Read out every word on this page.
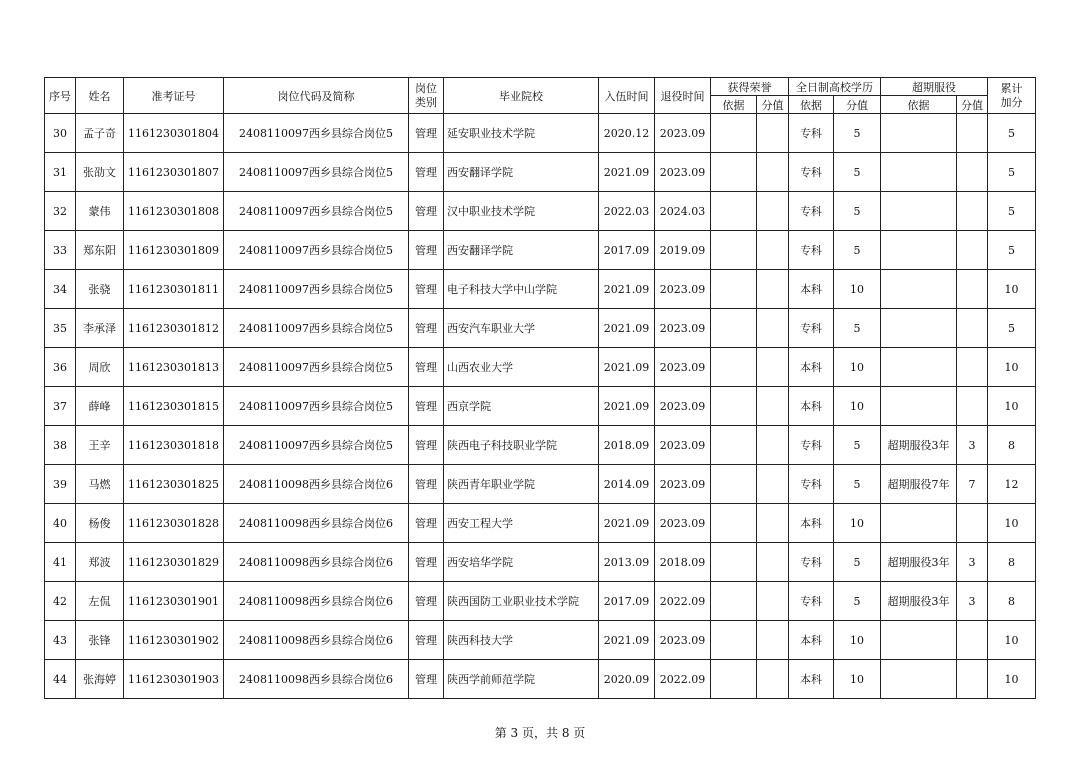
序号	姓名	准考证号	岗位代码及简称	岗位
类别	毕业院校	入伍时间	退役时间	获得荣誉		全日制高校学历		超期服役		累计
加分
								依据	分值	依据	分值	依据	分值	
30	孟子奇	1161230301804	2408110097西乡县综合岗位5	管理	延安职业技术学院	2020.12	2023.09			专科	5			5
31	张劭文	1161230301807	2408110097西乡县综合岗位5	管理	西安翻译学院	2021.09	2023.09			专科	5			5
32	蒙伟	1161230301808	2408110097西乡县综合岗位5	管理	汉中职业技术学院	2022.03	2024.03			专科	5			5
33	郑东阳	1161230301809	2408110097西乡县综合岗位5	管理	西安翻译学院	2017.09	2019.09			专科	5			5
34	张骁	1161230301811	2408110097西乡县综合岗位5	管理	电子科技大学中山学院	2021.09	2023.09			本科	10			10
35	李承泽	1161230301812	2408110097西乡县综合岗位5	管理	西安汽车职业大学	2021.09	2023.09			专科	5			5
36	周欣	1161230301813	2408110097西乡县综合岗位5	管理	山西农业大学	2021.09	2023.09			本科	10			10
37	薛峰	1161230301815	2408110097西乡县综合岗位5	管理	西京学院	2021.09	2023.09			本科	10			10
38	王辛	1161230301818	2408110097西乡县综合岗位5	管理	陕西电子科技职业学院	2018.09	2023.09			专科	5	超期服役3年	3	8
39	马燃	1161230301825	2408110098西乡县综合岗位6	管理	陕西青年职业学院	2014.09	2023.09			专科	5	超期服役7年	7	12
40	杨俊	1161230301828	2408110098西乡县综合岗位6	管理	西安工程大学	2021.09	2023.09			本科	10			10
41	郑波	1161230301829	2408110098西乡县综合岗位6	管理	西安培华学院	2013.09	2018.09			专科	5	超期服役3年	3	8
42	左侃	1161230301901	2408110098西乡县综合岗位6	管理	陕西国防工业职业技术学院	2017.09	2022.09			专科	5	超期服役3年	3	8
43	张锋	1161230301902	2408110098西乡县综合岗位6	管理	陕西科技大学	2021.09	2023.09			本科	10			10
44	张海婷	1161230301903	2408110098西乡县综合岗位6	管理	陕西学前师范学院	2020.09	2022.09			本科	10			10
第 3 页，共 8 页
